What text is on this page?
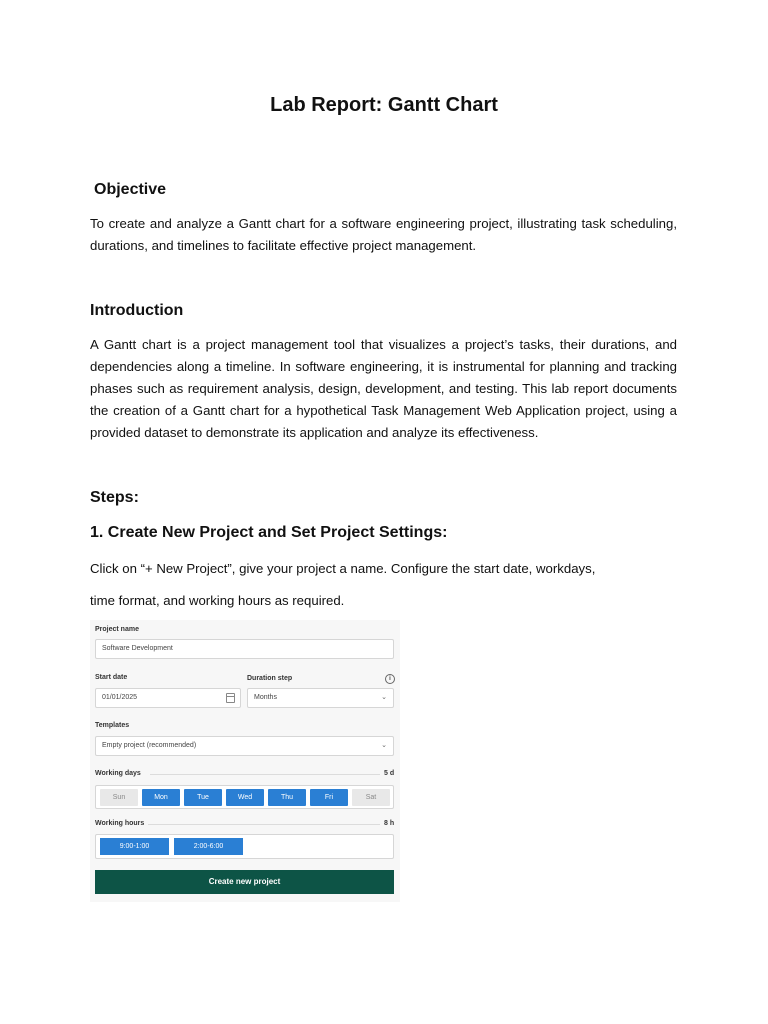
Lab Report: Gantt Chart
Objective

To create and analyze a Gantt chart for a software engineering project, illustrating task scheduling, durations, and timelines to facilitate effective project management.

Introduction

A Gantt chart is a project management tool that visualizes a project’s tasks, their durations, and dependencies along a timeline. In software engineering, it is instrumental for planning and tracking phases such as requirement analysis, design, development, and testing. This lab report documents the creation of a Gantt chart for a hypothetical Task Management Web Application project, using a provided dataset to demonstrate its application and analyze its effectiveness.

Steps:
1. Create New Project and Set Project Settings:
Click on “+ New Project”, give your project a name. Configure the start date, workdays,
time format, and working hours as required.
Project name
Software Development
Start date
01/01/2025
Duration step	i
Months	⌄
Templates
Empty project (recommended)	⌄
Working days	5 d
Sun	Mon	Tue	Wed	Thu	Fri	Sat
Working hours	8 h
9:00-1:00	2:00-6:00
Create new project
